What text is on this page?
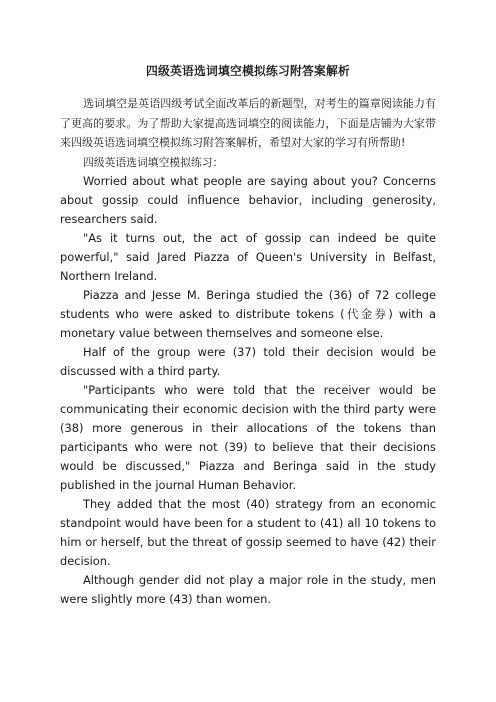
四级英语选词填空模拟练习附答案解析

选词填空是英语四级考试全面改革后的新题型，对考生的篇章阅读能力有了更高的要求。为了帮助大家提高选词填空的阅读能力，下面是店铺为大家带来四级英语选词填空模拟练习附答案解析，希望对大家的学习有所帮助!

四级英语选词填空模拟练习：

Worried about what people are saying about you? Concerns about gossip could influence behavior, including generosity, researchers said.

"As it turns out, the act of gossip can indeed be quite powerful," said Jared Piazza of Queen's University in Belfast, Northern Ireland.

Piazza and Jesse M. Beringa studied the (36) of 72 college students who were asked to distribute tokens (代金券) with a monetary value between themselves and someone else.

Half of the group were (37) told their decision would be discussed with a third party.

"Participants who were told that the receiver would be communicating their economic decision with the third party were (38) more generous in their allocations of the tokens than participants who were not (39) to believe that their decisions would be discussed," Piazza and Beringa said in the study published in the journal Human Behavior.

They added that the most (40) strategy from an economic standpoint would have been for a student to (41) all 10 tokens to him or herself, but the threat of gossip seemed to have (42) their decision.

Although gender did not play a major role in the study, men were slightly more (43) than women.
